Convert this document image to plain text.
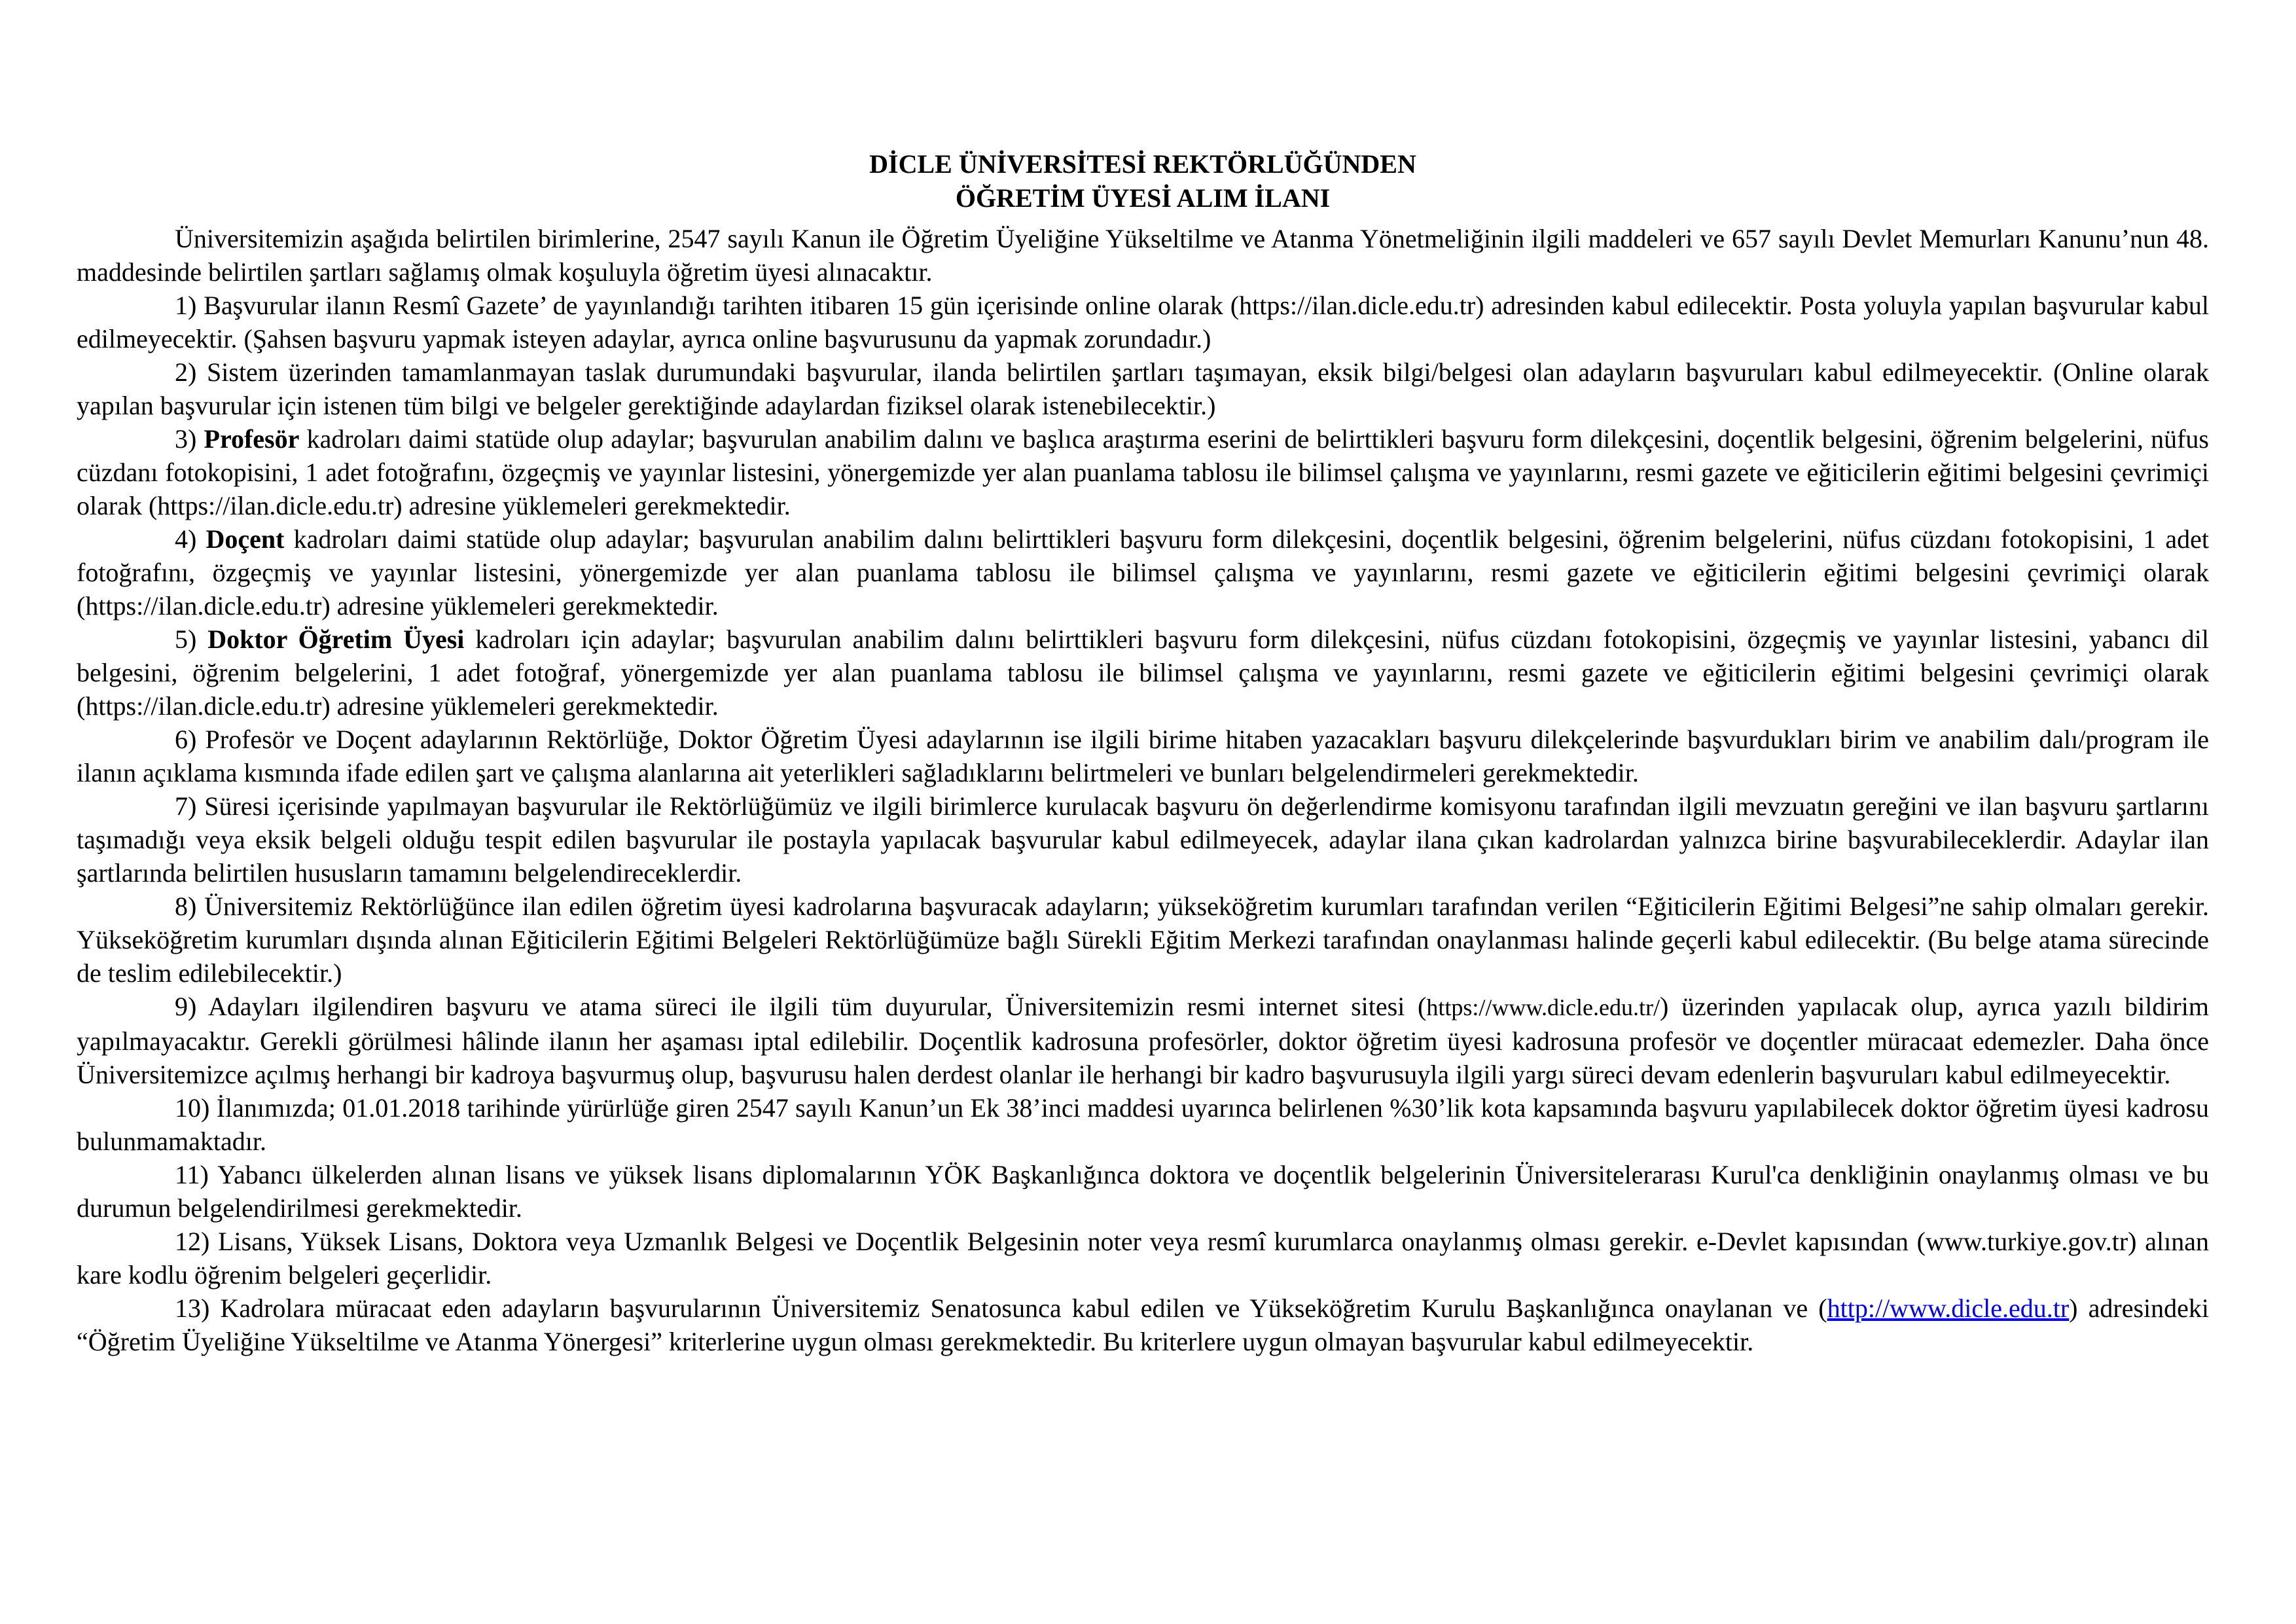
DİCLE ÜNİVERSİTESİ REKTÖRLÜĞÜNDEN

ÖĞRETİM ÜYESİ ALIM İLANI

Üniversitemizin aşağıda belirtilen birimlerine, 2547 sayılı Kanun ile Öğretim Üyeliğine Yükseltilme ve Atanma Yönetmeliğinin ilgili maddeleri ve 657 sayılı Devlet Memurları Kanunu’nun 48. maddesinde belirtilen şartları sağlamış olmak koşuluyla öğretim üyesi alınacaktır.

1) Başvurular ilanın Resmî Gazete’ de yayınlandığı tarihten itibaren 15 gün içerisinde online olarak (https://ilan.dicle.edu.tr) adresinden kabul edilecektir. Posta yoluyla yapılan başvurular kabul edilmeyecektir. (Şahsen başvuru yapmak isteyen adaylar, ayrıca online başvurusunu da yapmak zorundadır.)

2) Sistem üzerinden tamamlanmayan taslak durumundaki başvurular, ilanda belirtilen şartları taşımayan, eksik bilgi/belgesi olan adayların başvuruları kabul edilmeyecektir. (Online olarak yapılan başvurular için istenen tüm bilgi ve belgeler gerektiğinde adaylardan fiziksel olarak istenebilecektir.)

3) Profesör kadroları daimi statüde olup adaylar; başvurulan anabilim dalını ve başlıca araştırma eserini de belirttikleri başvuru form dilekçesini, doçentlik belgesini, öğrenim belgelerini, nüfus cüzdanı fotokopisini, 1 adet fotoğrafını, özgeçmiş ve yayınlar listesini, yönergemizde yer alan puanlama tablosu ile bilimsel çalışma ve yayınlarını, resmi gazete ve eğiticilerin eğitimi belgesini çevrimiçi olarak (https://ilan.dicle.edu.tr) adresine yüklemeleri gerekmektedir.

4) Doçent kadroları daimi statüde olup adaylar; başvurulan anabilim dalını belirttikleri başvuru form dilekçesini, doçentlik belgesini, öğrenim belgelerini, nüfus cüzdanı fotokopisini, 1 adet fotoğrafını, özgeçmiş ve yayınlar listesini, yönergemizde yer alan puanlama tablosu ile bilimsel çalışma ve yayınlarını, resmi gazete ve eğiticilerin eğitimi belgesini çevrimiçi olarak (https://ilan.dicle.edu.tr) adresine yüklemeleri gerekmektedir.

5) Doktor Öğretim Üyesi kadroları için adaylar; başvurulan anabilim dalını belirttikleri başvuru form dilekçesini, nüfus cüzdanı fotokopisini, özgeçmiş ve yayınlar listesini, yabancı dil belgesini, öğrenim belgelerini, 1 adet fotoğraf, yönergemizde yer alan puanlama tablosu ile bilimsel çalışma ve yayınlarını, resmi gazete ve eğiticilerin eğitimi belgesini çevrimiçi olarak (https://ilan.dicle.edu.tr) adresine yüklemeleri gerekmektedir.

6) Profesör ve Doçent adaylarının Rektörlüğe, Doktor Öğretim Üyesi adaylarının ise ilgili birime hitaben yazacakları başvuru dilekçelerinde başvurdukları birim ve anabilim dalı/program ile ilanın açıklama kısmında ifade edilen şart ve çalışma alanlarına ait yeterlikleri sağladıklarını belirtmeleri ve bunları belgelendirmeleri gerekmektedir.

7) Süresi içerisinde yapılmayan başvurular ile Rektörlüğümüz ve ilgili birimlerce kurulacak başvuru ön değerlendirme komisyonu tarafından ilgili mevzuatın gereğini ve ilan başvuru şartlarını taşımadığı veya eksik belgeli olduğu tespit edilen başvurular ile postayla yapılacak başvurular kabul edilmeyecek, adaylar ilana çıkan kadrolardan yalnızca birine başvurabileceklerdir. Adaylar ilan şartlarında belirtilen hususların tamamını belgelendireceklerdir.

8) Üniversitemiz Rektörlüğünce ilan edilen öğretim üyesi kadrolarına başvuracak adayların; yükseköğretim kurumları tarafından verilen “Eğiticilerin Eğitimi Belgesi”ne sahip olmaları gerekir. Yükseköğretim kurumları dışında alınan Eğiticilerin Eğitimi Belgeleri Rektörlüğümüze bağlı Sürekli Eğitim Merkezi tarafından onaylanması halinde geçerli kabul edilecektir. (Bu belge atama sürecinde de teslim edilebilecektir.)

9) Adayları ilgilendiren başvuru ve atama süreci ile ilgili tüm duyurular, Üniversitemizin resmi internet sitesi (https://www.dicle.edu.tr/) üzerinden yapılacak olup, ayrıca yazılı bildirim yapılmayacaktır. Gerekli görülmesi hâlinde ilanın her aşaması iptal edilebilir. Doçentlik kadrosuna profesörler, doktor öğretim üyesi kadrosuna profesör ve doçentler müracaat edemezler. Daha önce Üniversitemizce açılmış herhangi bir kadroya başvurmuş olup, başvurusu halen derdest olanlar ile herhangi bir kadro başvurusuyla ilgili yargı süreci devam edenlerin başvuruları kabul edilmeyecektir.

10) İlanımızda; 01.01.2018 tarihinde yürürlüğe giren 2547 sayılı Kanun’un Ek 38’inci maddesi uyarınca belirlenen %30’lik kota kapsamında başvuru yapılabilecek doktor öğretim üyesi kadrosu bulunmamaktadır.

11) Yabancı ülkelerden alınan lisans ve yüksek lisans diplomalarının YÖK Başkanlığınca doktora ve doçentlik belgelerinin Üniversitelerarası Kurul'ca denkliğinin onaylanmış olması ve bu durumun belgelendirilmesi gerekmektedir.

12) Lisans, Yüksek Lisans, Doktora veya Uzmanlık Belgesi ve Doçentlik Belgesinin noter veya resmî kurumlarca onaylanmış olması gerekir. e-Devlet kapısından (www.turkiye.gov.tr) alınan kare kodlu öğrenim belgeleri geçerlidir.

13) Kadrolara müracaat eden adayların başvurularının Üniversitemiz Senatosunca kabul edilen ve Yükseköğretim Kurulu Başkanlığınca onaylanan ve (http://www.dicle.edu.tr) adresindeki “Öğretim Üyeliğine Yükseltilme ve Atanma Yönergesi” kriterlerine uygun olması gerekmektedir. Bu kriterlere uygun olmayan başvurular kabul edilmeyecektir.
